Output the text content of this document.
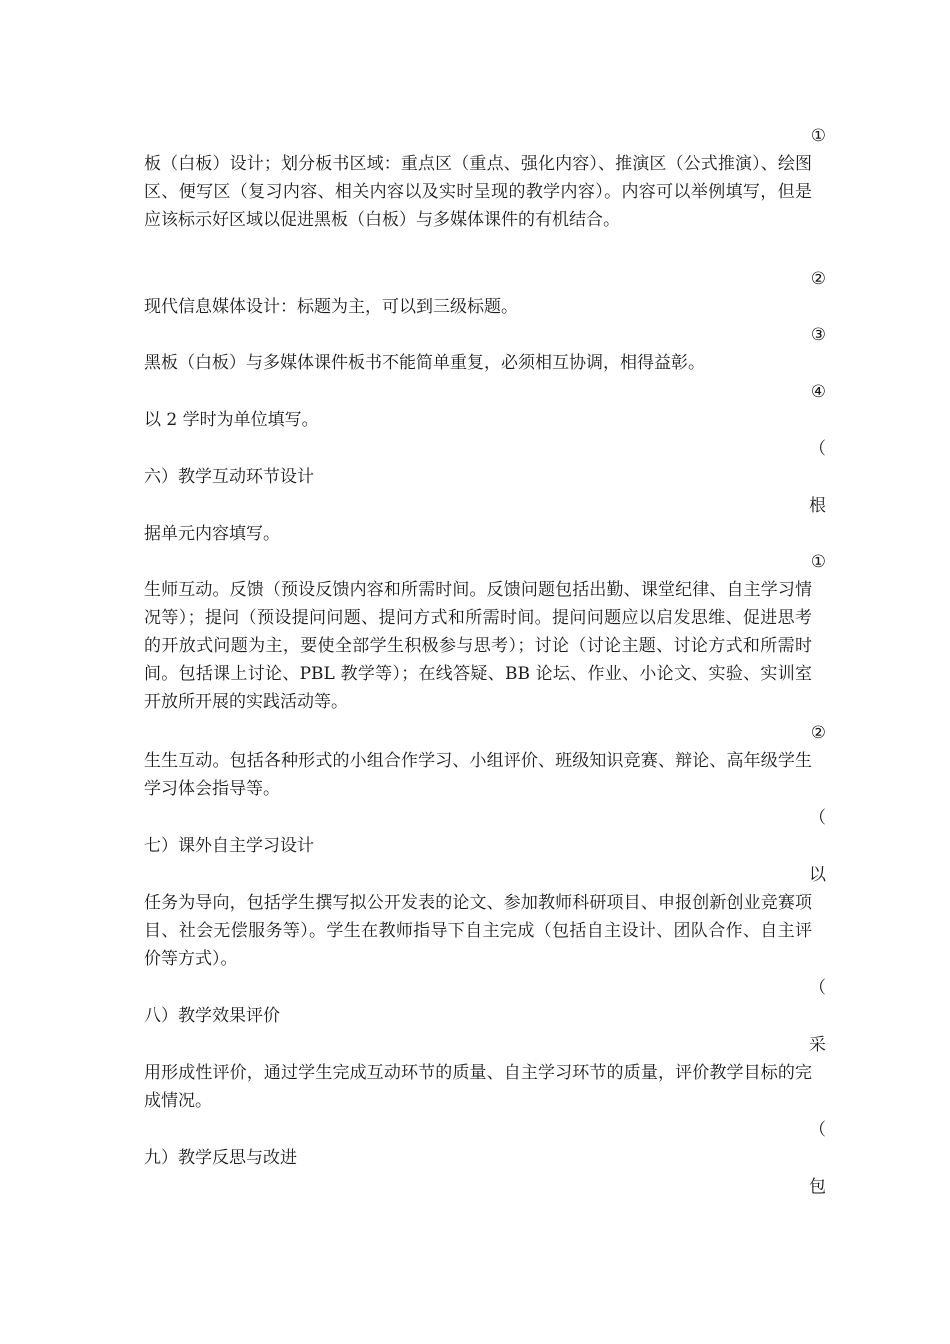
①

板（白板）设计；划分板书区域：重点区（重点、强化内容）、推演区（公式推演）、绘图区、便写区（复习内容、相关内容以及实时呈现的教学内容）。内容可以举例填写，但是应该标示好区域以促进黑板（白板）与多媒体课件的有机结合。

②

现代信息媒体设计：标题为主，可以到三级标题。

③

黑板（白板）与多媒体课件板书不能简单重复，必须相互协调，相得益彰。

④

以 2 学时为单位填写。

（

六）教学互动环节设计

根

据单元内容填写。

①

生师互动。反馈（预设反馈内容和所需时间。反馈问题包括出勤、课堂纪律、自主学习情况等）；提问（预设提问问题、提问方式和所需时间。提问问题应以启发思维、促进思考的开放式问题为主，要使全部学生积极参与思考）；讨论（讨论主题、讨论方式和所需时间。包括课上讨论、PBL 教学等）；在线答疑、BB 论坛、作业、小论文、实验、实训室开放所开展的实践活动等。

②

生生互动。包括各种形式的小组合作学习、小组评价、班级知识竞赛、辩论、高年级学生学习体会指导等。

（

七）课外自主学习设计

以

任务为导向，包括学生撰写拟公开发表的论文、参加教师科研项目、申报创新创业竞赛项目、社会无偿服务等）。学生在教师指导下自主完成（包括自主设计、团队合作、自主评价等方式）。

（

八）教学效果评价

采

用形成性评价，通过学生完成互动环节的质量、自主学习环节的质量，评价教学目标的完成情况。

（

九）教学反思与改进

包
